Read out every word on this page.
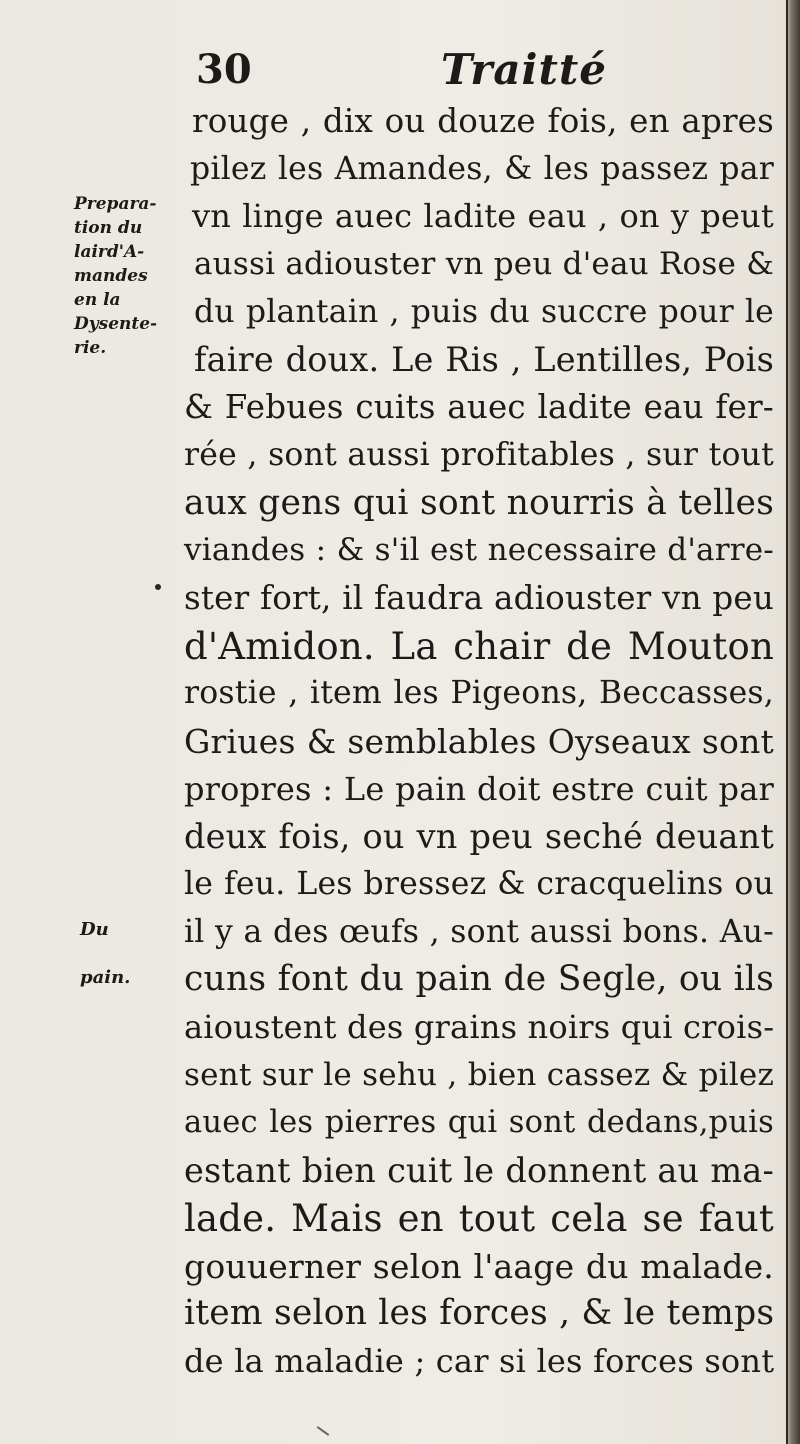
30	Traitté
Prepara-
tion du
laird'A-
mandes
en la
Dysente-
rie.
Du
pain.
rouge , dix ou douze fois, en apres
pilez les Amandes, & les passez par
vn linge auec ladite eau , on y peut
aussi adiouster vn peu d'eau Rose &
du plantain , puis du succre pour le
faire doux. Le Ris , Lentilles, Pois
& Febues cuits auec ladite eau fer-
rée , sont aussi profitables , sur tout
aux gens qui sont nourris à telles
viandes : & s'il est necessaire d'arre-
ster fort, il faudra adiouster vn peu
d'Amidon. La chair de Mouton
rostie , item les Pigeons, Beccasses,
Griues & semblables Oyseaux sont
propres : Le pain doit estre cuit par
deux fois, ou vn peu seché deuant
le feu. Les bressez & cracquelins ou
il y a des œufs , sont aussi bons. Au-
cuns font du pain de Segle, ou ils
aioustent des grains noirs qui crois-
sent sur le sehu , bien cassez & pilez
auec les pierres qui sont dedans,puis
estant bien cuit le donnent au ma-
lade. Mais en tout cela se faut
gouuerner selon l'aage du malade.
item selon les forces , & le temps
de la maladie ; car si les forces sont
